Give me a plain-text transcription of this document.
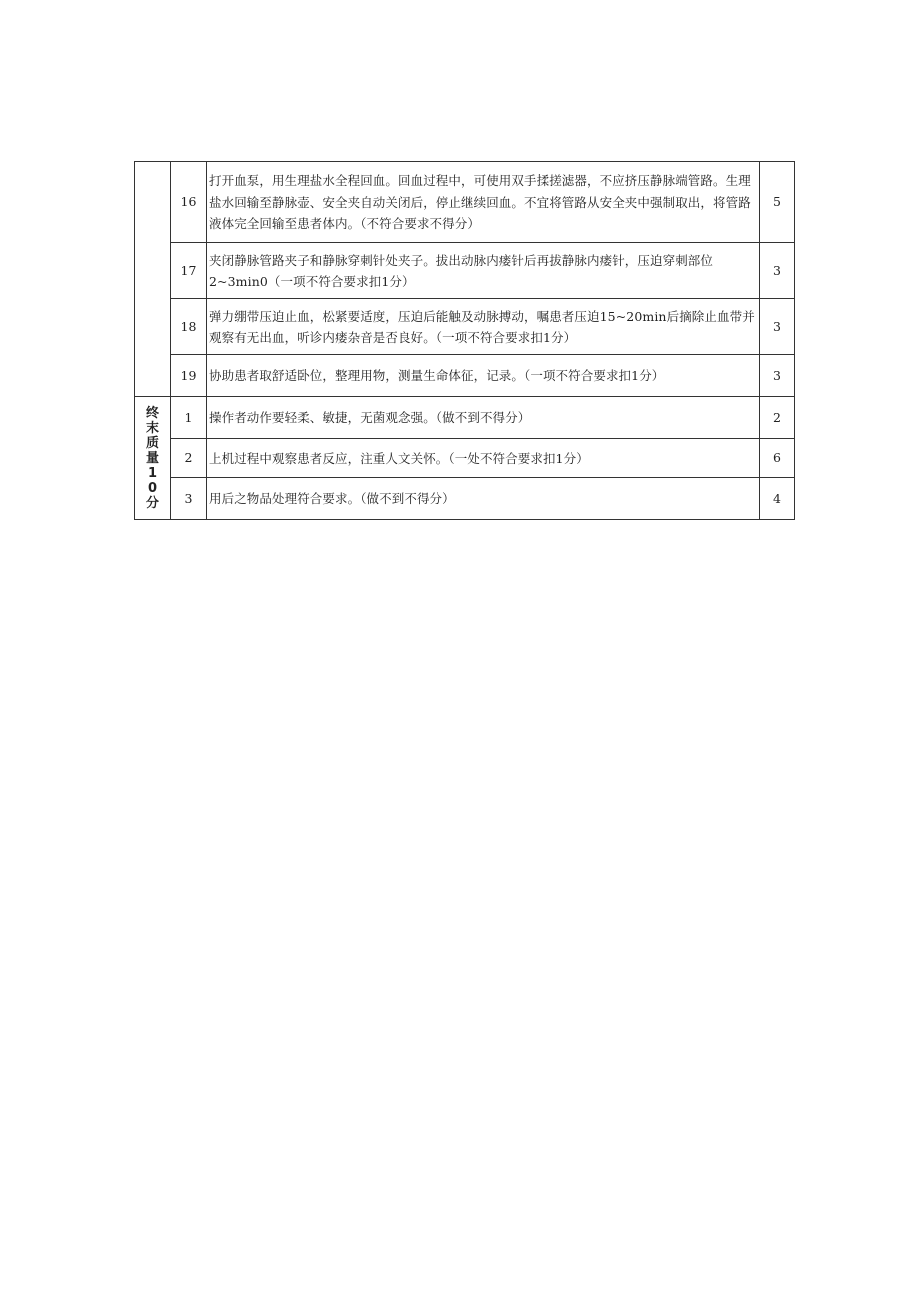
	16	打开血泵，用生理盐水全程回血。回血过程中，可使用双手揉搓滤器，不应挤压静脉端管路。生理盐水回输至静脉壶、安全夹自动关闭后，停止继续回血。不宜将管路从安全夹中强制取出，将管路液体完全回输至患者体内。（不符合要求不得分）	5
	17	夹闭静脉管路夹子和静脉穿刺针处夹子。拔出动脉内瘘针后再拔静脉内瘘针，压迫穿刺部位2~3min0（一项不符合要求扣1分）	3
	18	弹力绷带压迫止血，松紧要适度，压迫后能触及动脉搏动，嘱患者压迫15~20min后摘除止血带并观察有无出血，听诊内瘘杂音是否良好。（一项不符合要求扣1分）	3
	19	协助患者取舒适卧位，整理用物，测量生命体征，记录。（一项不符合要求扣1分）	3

终末质量10分	1	操作者动作要轻柔、敏捷，无菌观念强。（做不到不得分）	2
	2	上机过程中观察患者反应，注重人文关怀。（一处不符合要求扣1分）	6
	3	用后之物品处理符合要求。（做不到不得分）	4
